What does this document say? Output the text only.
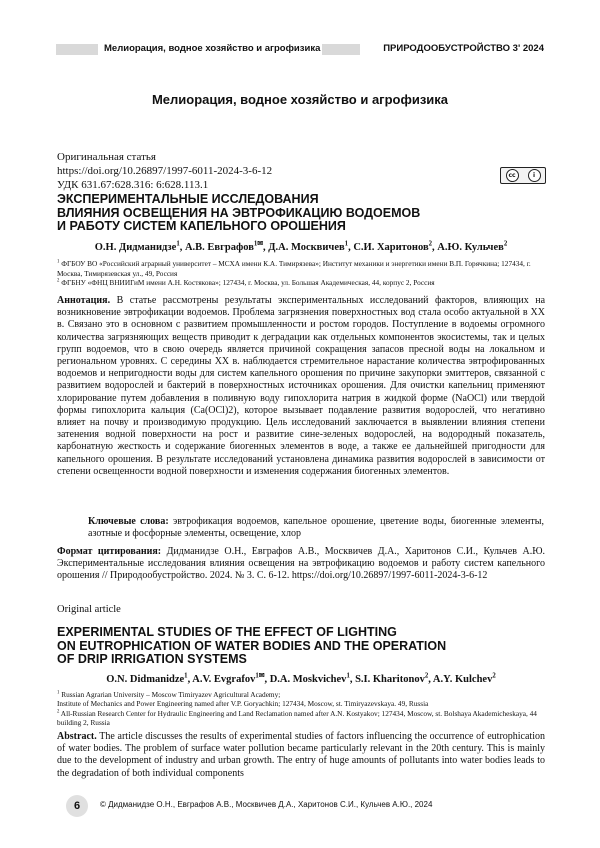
Мелиорация, водное хозяйство и агрофизика	ПРИРОДООБУСТРОЙСТВО 3' 2024
Мелиорация, водное хозяйство и агрофизика
Оригинальная статья
https://doi.org/10.26897/1997-6011-2024-3-6-12
УДК 631.67:628.316: 6:628.113.1
cc	i
ЭКСПЕРИМЕНТАЛЬНЫЕ ИССЛЕДОВАНИЯ
ВЛИЯНИЯ ОСВЕЩЕНИЯ НА ЭВТРОФИКАЦИЮ ВОДОЕМОВ
И РАБОТУ СИСТЕМ КАПЕЛЬНОГО ОРОШЕНИЯ
О.Н. Дидманидзе$^1$, А.В. Евграфов$^{1✉}$, Д.А. Москвичев$^1$, С.И. Харитонов$^2$, А.Ю. Кульчев$^2$
$^1$ ФГБОУ ВО «Российский аграрный университет – МСХА имени К.А. Тимирязева»; Институт механики и энергетики имени В.П. Горячкина; 127434, г. Москва, Тимирязевская ул., 49, Россия
$^2$ ФГБНУ «ФНЦ ВНИИГиМ имени А.Н. Костякова»; 127434, г. Москва, ул. Большая Академическая, 44, корпус 2, Россия
Аннотация. В статье рассмотрены результаты экспериментальных исследований факторов, влияющих на возникновение эвтрофикации водоемов. Проблема загрязнения поверхностных вод стала особо актуальной в ХХ в. Связано это в основном с развитием промышленности и ростом городов. Поступление в водоемы огромного количества загрязняющих веществ приводит к деградации как отдельных компонентов экосистемы, так и целых групп водоемов, что в свою очередь является причиной сокращения запасов пресной воды на локальном и региональном уровнях. С середины ХХ в. наблюдается стремительное нарастание количества эвтрофированных водоемов и непригодности воды для систем капельного орошения по причине закупорки эмиттеров, связанной с развитием водорослей и бактерий в поверхностных источниках орошения. Для очистки капельниц применяют хлорирование путем добавления в поливную воду гипохлорита натрия в жидкой форме (NaOCl) или твердой формы гипохлорита кальция (Ca(OCl)2), которое вызывает подавление развития водорослей, что негативно влияет на почву и производимую продукцию. Цель исследований заключается в выявлении влияния степени затенения водной поверхности на рост и развитие сине-зеленых водорослей, на водородный показатель, карбонатную жесткость и содержание биогенных элементов в воде, а также ее дальнейшей пригодности для капельного орошения. В результате исследований установлена динамика развития водорослей в зависимости от степени освещенности водной поверхности и изменения содержания биогенных элементов.
Ключевые слова: эвтрофикация водоемов, капельное орошение, цветение воды, биогенные элементы, азотные и фосфорные элементы, освещение, хлор
Формат цитирования: Дидманидзе О.Н., Евграфов А.В., Москвичев Д.А., Харитонов С.И., Кульчев А.Ю. Экспериментальные исследования влияния освещения на эвтрофикацию водоемов и работу систем капельного орошения // Природообустройство. 2024. № 3. С. 6-12. https://doi.org/10.26897/1997-6011-2024-3-6-12
Original article
EXPERIMENTAL STUDIES OF THE EFFECT OF LIGHTING
ON EUTROPHICATION OF WATER BODIES AND THE OPERATION
OF DRIP IRRIGATION SYSTEMS
O.N. Didmanidze$^1$, A.V. Evgrafov$^{1✉}$, D.A. Moskvichev$^1$, S.I. Kharitonov$^2$, A.Y. Kulchev$^2$
$^1$ Russian Agrarian University – Moscow Timiryazev Agricultural Academy;
Institute of Mechanics and Power Engineering named after V.P. Goryachkin; 127434, Moscow, st. Timiryazevskaya. 49, Russia
$^2$ All-Russian Research Center for Hydraulic Engineering and Land Reclamation named after A.N. Kostyakov; 127434, Moscow, st. Bolshaya Akademicheskaya, 44 building 2, Russia
Abstract. The article discusses the results of experimental studies of factors influencing the occurrence of eutrophication of water bodies. The problem of surface water pollution became particularly relevant in the 20th century. This is mainly due to the development of industry and urban growth. The entry of huge amounts of pollutants into water bodies leads to the degradation of both individual components
6	© Дидманидзе О.Н., Евграфов А.В., Москвичев Д.А., Харитонов С.И., Кульчев А.Ю., 2024
